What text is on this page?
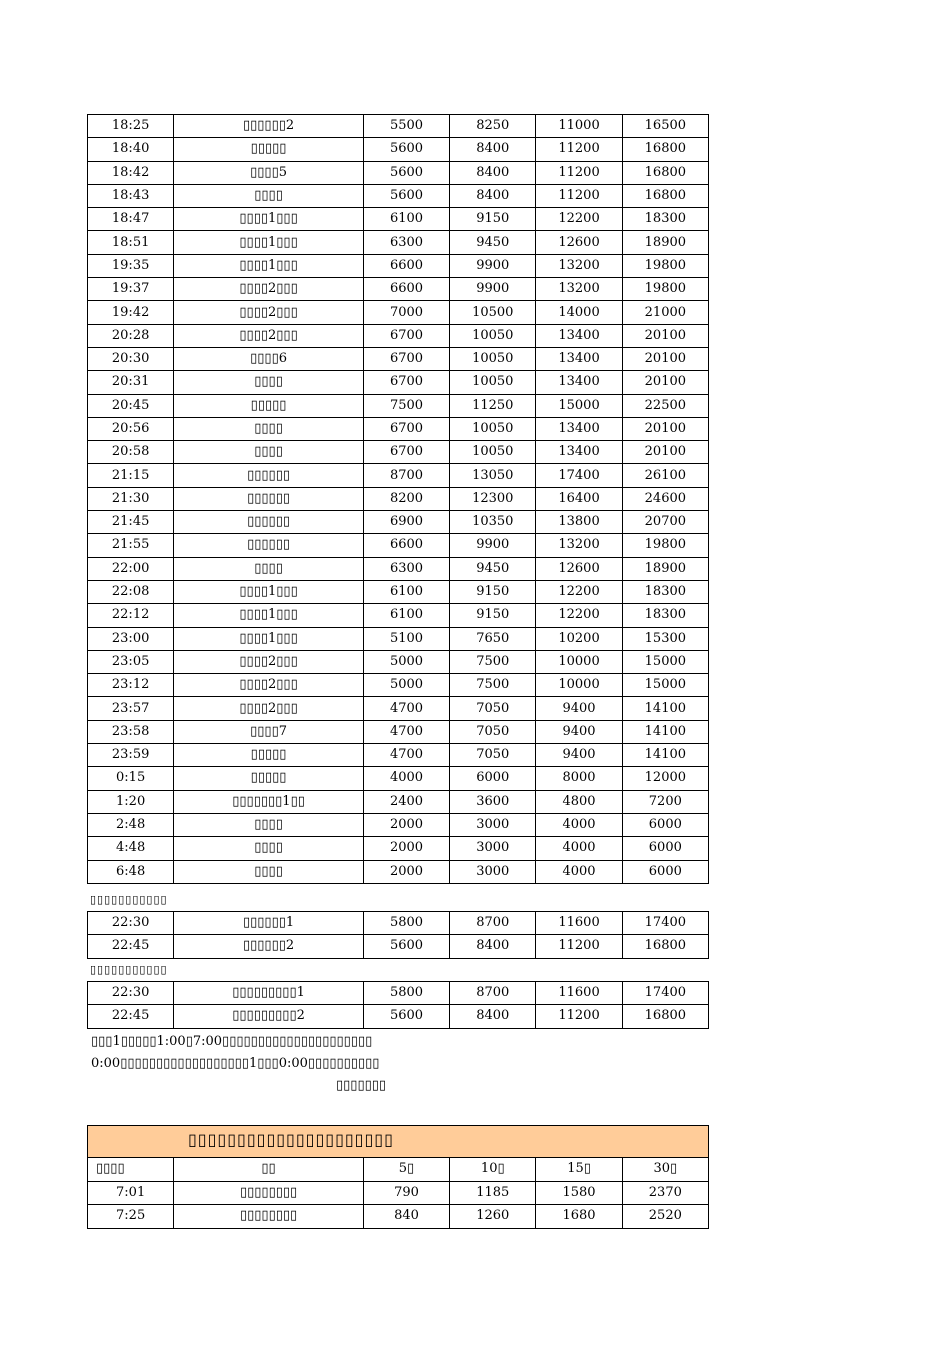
18:25	▯▯▯▯▯▯2	5500	8250	11000	16500
18:40	▯▯▯▯▯	5600	8400	11200	16800
18:42	▯▯▯▯5	5600	8400	11200	16800
18:43	▯▯▯▯	5600	8400	11200	16800
18:47	▯▯▯▯1▯▯▯	6100	9150	12200	18300
18:51	▯▯▯▯1▯▯▯	6300	9450	12600	18900
19:35	▯▯▯▯1▯▯▯	6600	9900	13200	19800
19:37	▯▯▯▯2▯▯▯	6600	9900	13200	19800
19:42	▯▯▯▯2▯▯▯	7000	10500	14000	21000
20:28	▯▯▯▯2▯▯▯	6700	10050	13400	20100
20:30	▯▯▯▯6	6700	10050	13400	20100
20:31	▯▯▯▯	6700	10050	13400	20100
20:45	▯▯▯▯▯	7500	11250	15000	22500
20:56	▯▯▯▯	6700	10050	13400	20100
20:58	▯▯▯▯	6700	10050	13400	20100
21:15	▯▯▯▯▯▯	8700	13050	17400	26100
21:30	▯▯▯▯▯▯	8200	12300	16400	24600
21:45	▯▯▯▯▯▯	6900	10350	13800	20700
21:55	▯▯▯▯▯▯	6600	9900	13200	19800
22:00	▯▯▯▯	6300	9450	12600	18900
22:08	▯▯▯▯1▯▯▯	6100	9150	12200	18300
22:12	▯▯▯▯1▯▯▯	6100	9150	12200	18300
23:00	▯▯▯▯1▯▯▯	5100	7650	10200	15300
23:05	▯▯▯▯2▯▯▯	5000	7500	10000	15000
23:12	▯▯▯▯2▯▯▯	5000	7500	10000	15000
23:57	▯▯▯▯2▯▯▯	4700	7050	9400	14100
23:58	▯▯▯▯7	4700	7050	9400	14100
23:59	▯▯▯▯▯	4700	7050	9400	14100
0:15	▯▯▯▯▯	4000	6000	8000	12000
1:20	▯▯▯▯▯▯▯1▯▯	2400	3600	4800	7200
2:48	▯▯▯▯	2000	3000	4000	6000
4:48	▯▯▯▯	2000	3000	4000	6000
6:48	▯▯▯▯	2000	3000	4000	6000
▯▯▯▯▯▯▯▯▯▯▯
22:30	▯▯▯▯▯▯1	5800	8700	11600	17400
22:45	▯▯▯▯▯▯2	5600	8400	11200	16800
▯▯▯▯▯▯▯▯▯▯▯
22:30	▯▯▯▯▯▯▯▯▯1	5800	8700	11600	17400
22:45	▯▯▯▯▯▯▯▯▯2	5600	8400	11200	16800
▯▯▯1▯▯▯▯▯1:00▯7:00▯▯▯▯▯▯▯▯▯▯▯▯▯▯▯▯▯▯▯▯▯
0:00▯▯▯▯▯▯▯▯▯▯▯▯▯▯▯▯▯▯1▯▯▯0:00▯▯▯▯▯▯▯▯▯▯
▯▯▯▯▯▯▯
▯▯▯▯▯▯▯▯▯▯▯▯▯▯▯▯▯▯▯▯▯
▯▯▯▯	▯▯	5▯	10▯	15▯	30▯
7:01	▯▯▯▯▯▯▯▯	790	1185	1580	2370
7:25	▯▯▯▯▯▯▯▯	840	1260	1680	2520
